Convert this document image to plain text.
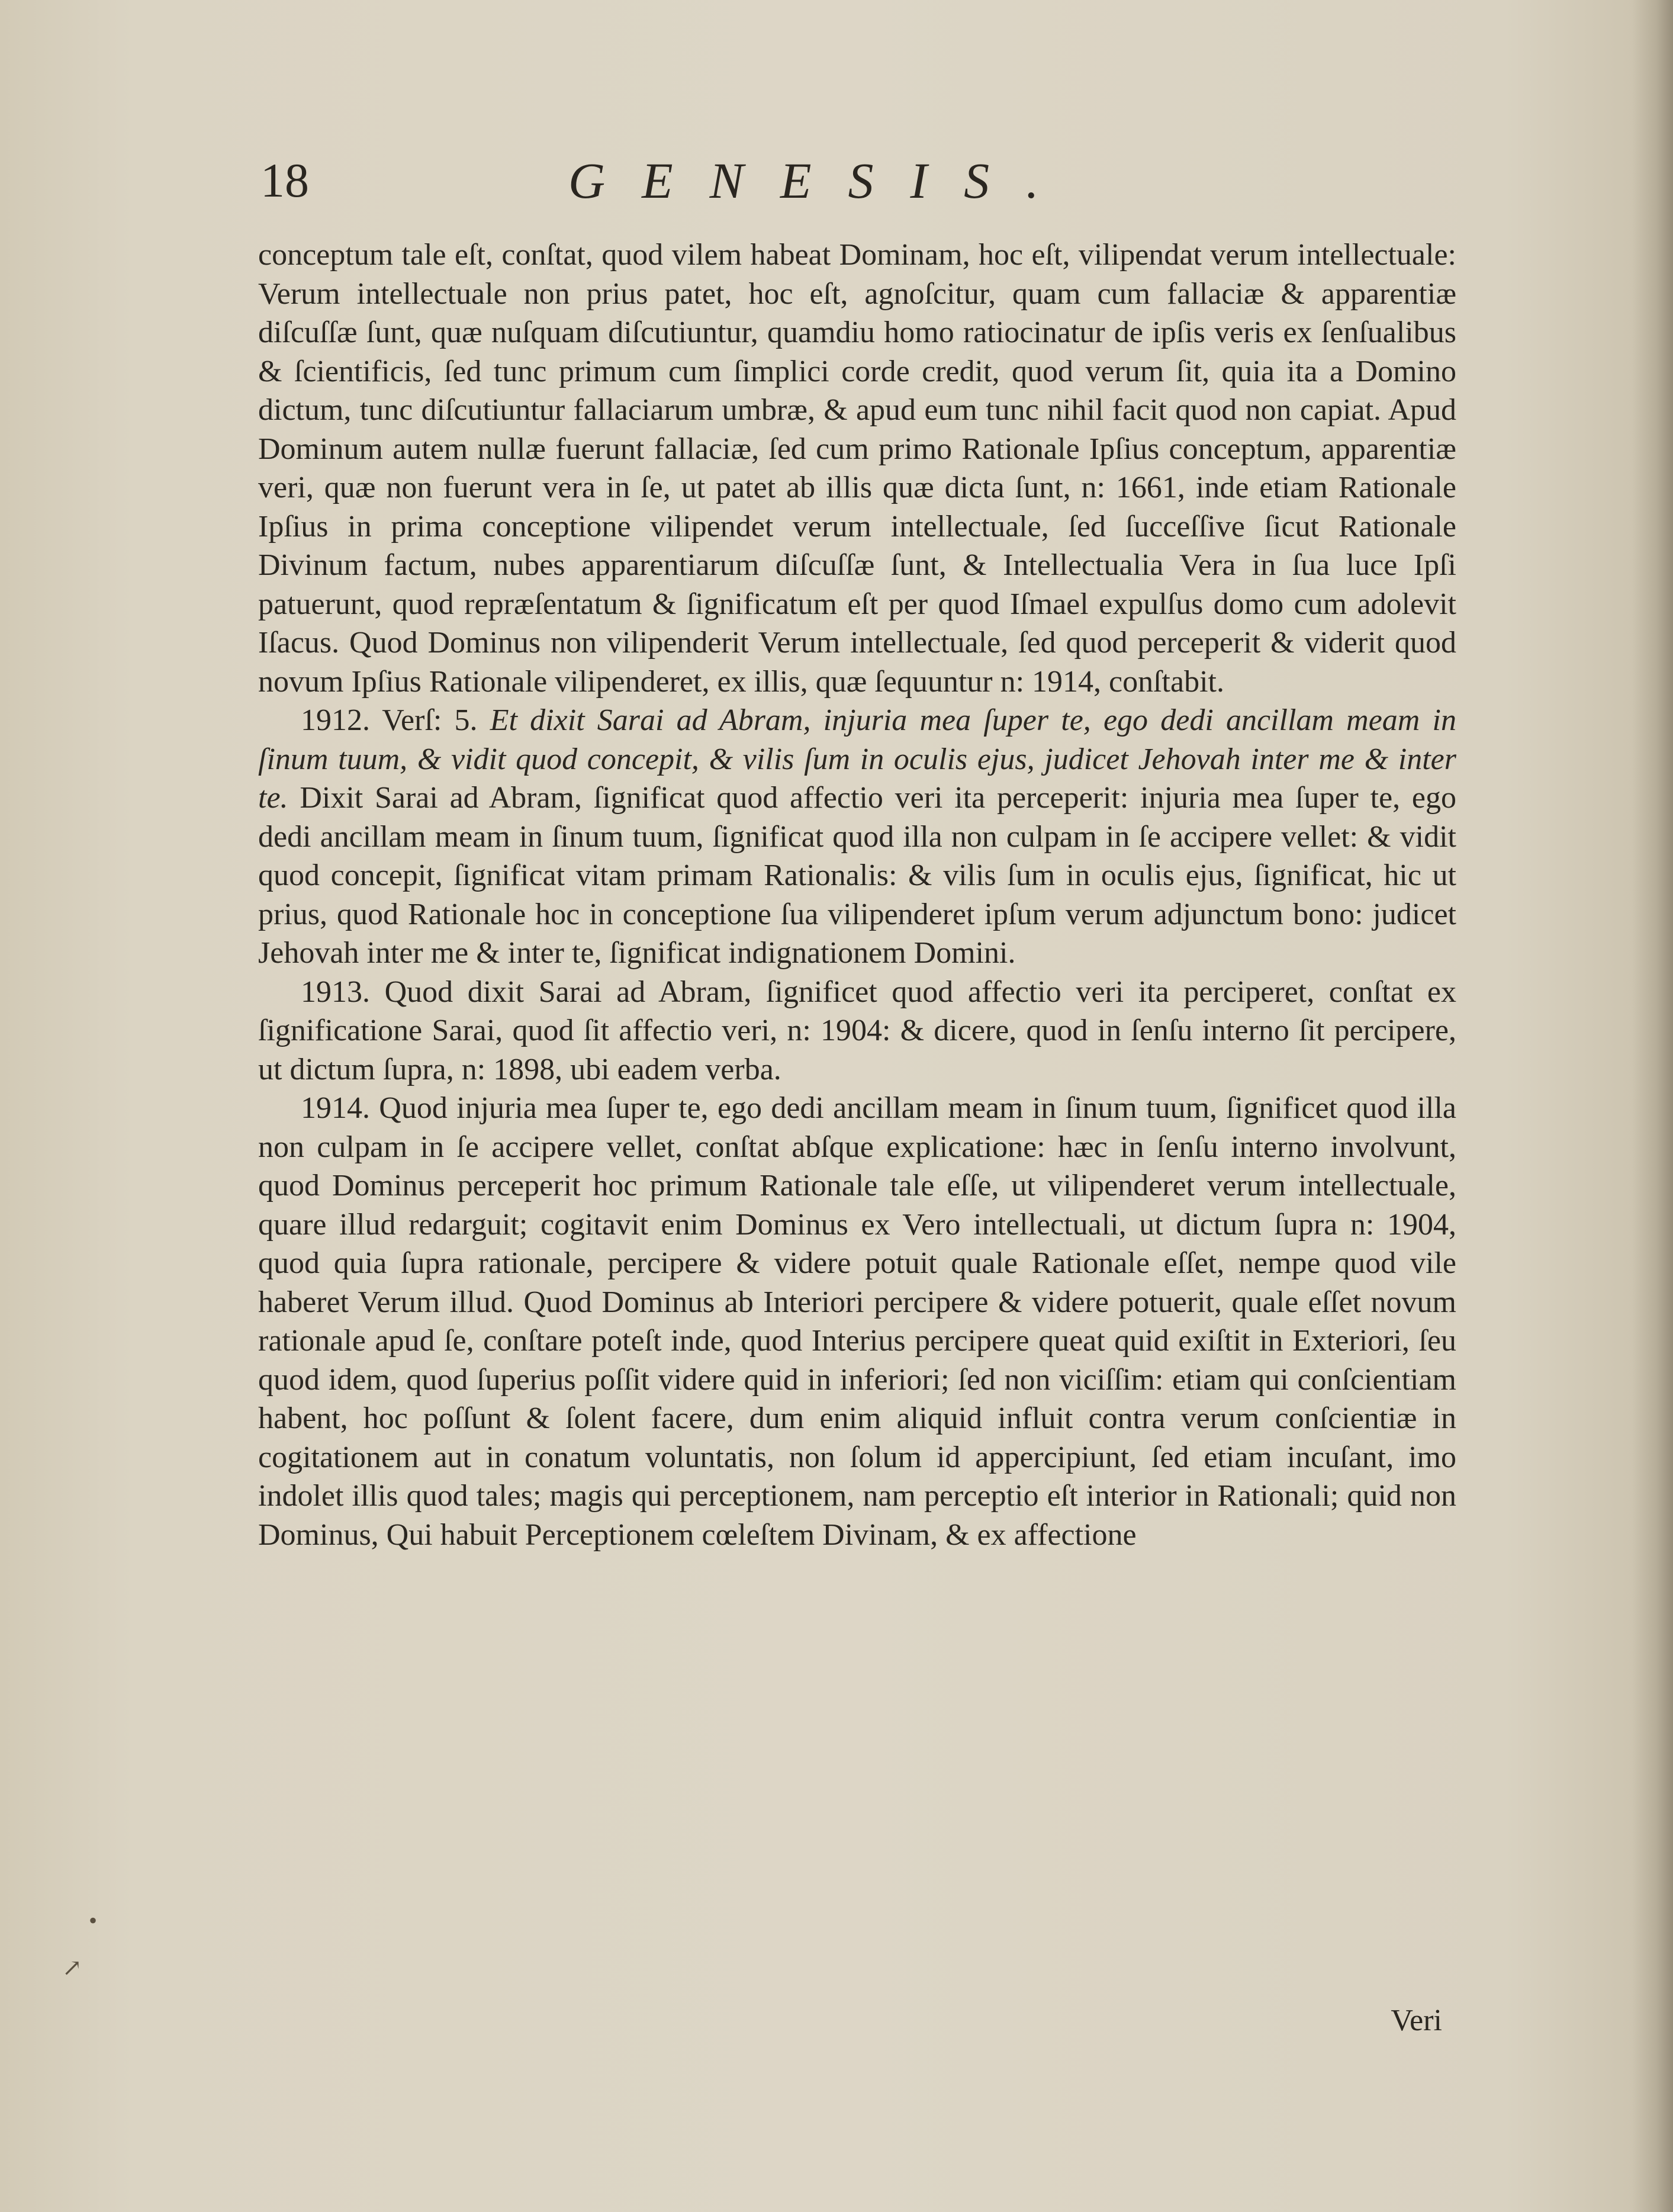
18	GENESIS.

conceptum tale eſt, conſtat, quod vilem habeat Dominam, hoc eſt, vilipendat verum intellectuale: Verum intellectuale non prius patet, hoc eſt, agnoſcitur, quam cum fallaciæ & apparentiæ diſcuſſæ ſunt, quæ nuſquam diſcutiuntur, quamdiu homo ratiocinatur de ipſis veris ex ſenſualibus & ſcientificis, ſed tunc primum cum ſimplici corde credit, quod verum ſit, quia ita a Domino dictum, tunc diſcutiuntur fallaciarum umbræ, & apud eum tunc nihil facit quod non capiat. Apud Dominum autem nullæ fuerunt fallaciæ, ſed cum primo Rationale Ipſius conceptum, apparentiæ veri, quæ non fuerunt vera in ſe, ut patet ab illis quæ dicta ſunt, n: 1661, inde etiam Rationale Ipſius in prima conceptione vilipendet verum intellectuale, ſed ſucceſſive ſicut Rationale Divinum factum, nubes apparentiarum diſcuſſæ ſunt, & Intellectualia Vera in ſua luce Ipſi patuerunt, quod repræſentatum & ſignificatum eſt per quod Iſmael expulſus domo cum adolevit Iſacus. Quod Dominus non vilipenderit Verum intellectuale, ſed quod perceperit & viderit quod novum Ipſius Rationale vilipenderet, ex illis, quæ ſequuntur n: 1914, conſtabit.

1912. Verſ: 5. Et dixit Sarai ad Abram, injuria mea ſuper te, ego dedi ancillam meam in ſinum tuum, & vidit quod concepit, & vilis ſum in oculis ejus, judicet Jehovah inter me & inter te. Dixit Sarai ad Abram, ſignificat quod affectio veri ita perceperit: injuria mea ſuper te, ego dedi ancillam meam in ſinum tuum, ſignificat quod illa non culpam in ſe accipere vellet: & vidit quod concepit, ſignificat vitam primam Rationalis: & vilis ſum in oculis ejus, ſignificat, hic ut prius, quod Rationale hoc in conceptione ſua vilipenderet ipſum verum adjunctum bono: judicet Jehovah inter me & inter te, ſignificat indignationem Domini.

1913. Quod dixit Sarai ad Abram, ſignificet quod affectio veri ita perciperet, conſtat ex ſignificatione Sarai, quod ſit affectio veri, n: 1904: & dicere, quod in ſenſu interno ſit percipere, ut dictum ſupra, n: 1898, ubi eadem verba.

1914. Quod injuria mea ſuper te, ego dedi ancillam meam in ſinum tuum, ſignificet quod illa non culpam in ſe accipere vellet, conſtat abſque explicatione: hæc in ſenſu interno involvunt, quod Dominus perceperit hoc primum Rationale tale eſſe, ut vilipenderet verum intellectuale, quare illud redarguit; cogitavit enim Dominus ex Vero intellectuali, ut dictum ſupra n: 1904, quod quia ſupra rationale, percipere & videre potuit quale Rationale eſſet, nempe quod vile haberet Verum illud. Quod Dominus ab Interiori percipere & videre potuerit, quale eſſet novum rationale apud ſe, conſtare poteſt inde, quod Interius percipere queat quid exiſtit in Exteriori, ſeu quod idem, quod ſuperius poſſit videre quid in inferiori; ſed non viciſſim: etiam qui conſcientiam habent, hoc poſſunt & ſolent facere, dum enim aliquid influit contra verum conſcientiæ in cogitationem aut in conatum voluntatis, non ſolum id appercipiunt, ſed etiam incuſant, imo indolet illis quod tales; magis qui perceptionem, nam perceptio eſt interior in Rationali; quid non Dominus, Qui habuit Perceptionem cœleſtem Divinam, & ex affectione

Veri
•
↗
